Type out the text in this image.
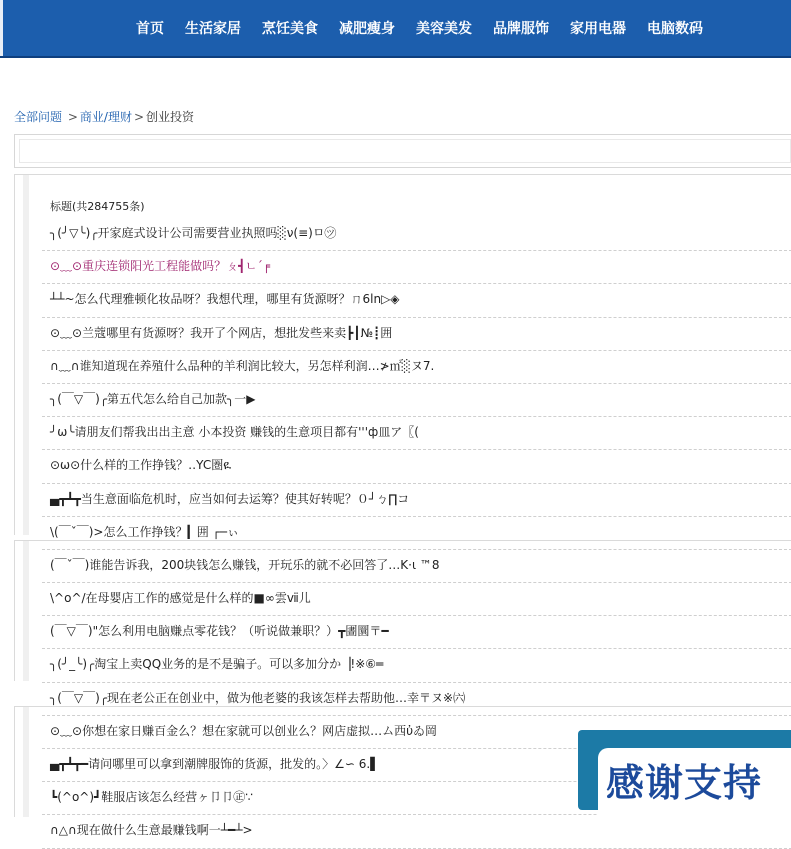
首页 生活家居 烹饪美食 减肥瘦身 美容美发 品牌服饰 家用电器 电脑数码
全部问题 > 商业/理财 > 创业投资
标题(共284755条)
╮(╯▽╰)╭开家庭式设计公司需要营业执照吗░ν(≡)ㅁ㋡
⊙﹏⊙重庆连锁阳光工程能做吗？ㄆ┫ㄴ´╒
┴┴~怎么代理雅顿化妆品呀？我想代理，哪里有货源呀？ㄇ6ln▷◈
⊙﹏⊙兰蔻哪里有货源呀？我开了个网店，想批发些来卖┣┃№┋囲
∩﹏∩谁知道现在养殖什么品种的羊利润比较大，另怎样利润…≯㎡░ヌ7.
╮(￣▽￣)╭第五代怎么给自己加款╮一▶
╯ω╰请朋友们帮我出出主意 小本投资 赚钱的生意项目都有'''ф皿ア〖(
⊙ω⊙什么样的工作挣钱？‥YC圏ዪ
▄┳┻┳当生意面临危机时，应当如何去运筹？使其好转呢？０┘ㄅ∏コ
\(￣ˇ￣)>怎么工作挣钱？▎囲 ┌─ぃ
(￣ˇ￣)谁能告诉我，200块钱怎么赚钱，开玩乐的就不必回答了…K·ι ™8
\^o^/在母婴店工作的感觉是什么样的■∞雲ⅶ儿
(￣▽￣)"怎么利用电脑赚点零花钱？（听说做兼职？）┳圕圜〒━
╮(╯_╰)╭淘宝上卖QQ业务的是不是骗子。可以多加分か▕!※⑥═
╮(￣▽￣)╭现在老公正在创业中，做为他老婆的我该怎样去帮助他…幸〒ヌ※㈥
⊙﹏⊙你想在家日赚百金么？想在家就可以创业么？网店虚拟…ム西ὐゐ岡
▄┳┻┳━请问哪里可以拿到潮牌服饰的货源，批发的。〉∠∽ 6.▌
┗(^o^)┛鞋服店该怎么经营ヶ卩卩㊣∵
∩△∩现在做什么生意最赚钱啊一┴━┴>
感谢支持
